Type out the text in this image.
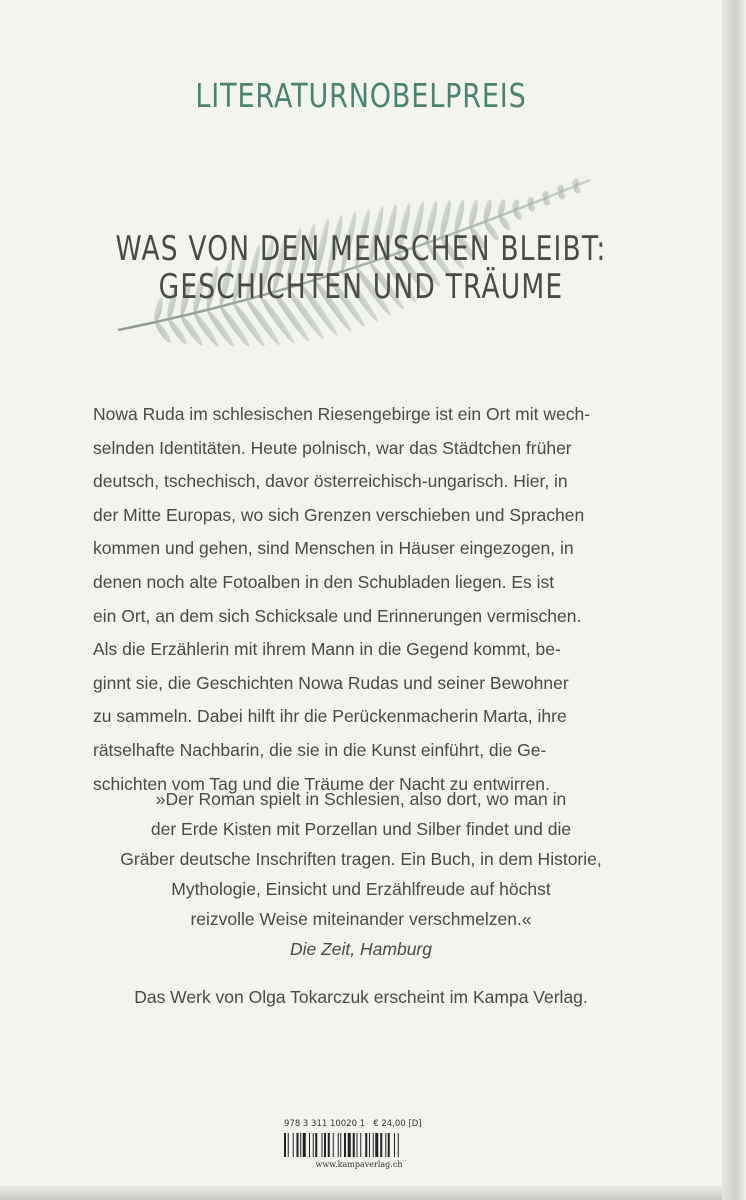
LITERATURNOBELPREIS
WAS VON DEN MENSCHEN BLEIBT:
GESCHICHTEN UND TRÄUME
Nowa Ruda im schlesischen Riesengebirge ist ein Ort mit wech-
selnden Identitäten. Heute polnisch, war das Städtchen früher
deutsch, tschechisch, davor österreichisch-ungarisch. Hier, in
der Mitte Europas, wo sich Grenzen verschieben und Sprachen
kommen und gehen, sind Menschen in Häuser eingezogen, in
denen noch alte Fotoalben in den Schubladen liegen. Es ist
ein Ort, an dem sich Schicksale und Erinnerungen vermischen.
Als die Erzählerin mit ihrem Mann in die Gegend kommt, be-
ginnt sie, die Geschichten Nowa Rudas und seiner Bewohner
zu sammeln. Dabei hilft ihr die Perückenmacherin Marta, ihre
rätselhafte Nachbarin, die sie in die Kunst einführt, die Ge-
schichten vom Tag und die Träume der Nacht zu entwirren.
»Der Roman spielt in Schlesien, also dort, wo man in
der Erde Kisten mit Porzellan und Silber findet und die
Gräber deutsche Inschriften tragen. Ein Buch, in dem Historie,
Mythologie, Einsicht und Erzählfreude auf höchst
reizvolle Weise miteinander verschmelzen.«
Die Zeit, Hamburg
Das Werk von Olga Tokarczuk erscheint im Kampa Verlag.
978 3 311 10020 1 € 24,00 [D]
www.kampaverlag.ch
